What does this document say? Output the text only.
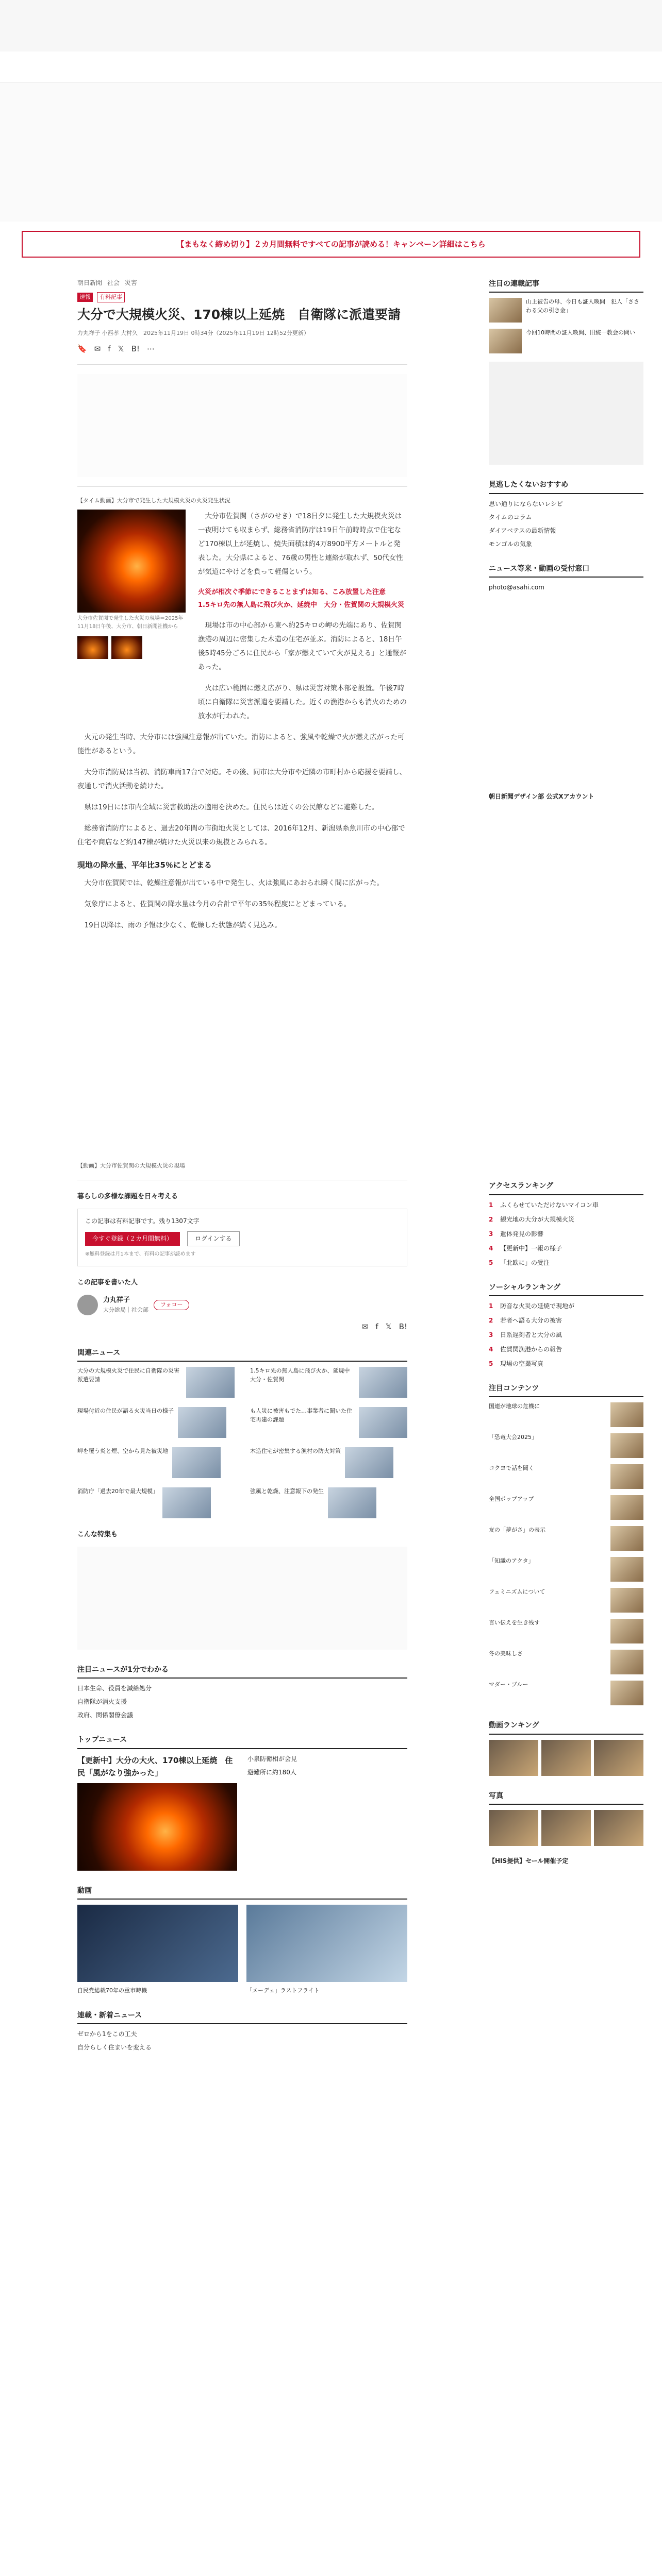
【まもなく締め切り】２カ月間無料ですべての記事が読める！キャンペーン詳細はこちら
朝日新聞 社会 災害
速報 有料記事
大分で大規模火災、170棟以上延焼　自衛隊に派遣要請
力丸祥子 小西孝 大村久　2025年11月19日 0時34分（2025年11月19日 12時52分更新）
🔖 ✉ f 𝕏 B! ⋯
【タイム動画】大分市で発生した大規模火災の火災発生状況
大分市佐賀関で発生した火災の現場＝2025年11月18日午後、大分市、朝日新聞社機から

　大分市佐賀関（さがのせき）で18日夕に発生した大規模火災は一夜明けても収まらず、総務省消防庁は19日午前時時点で住宅など170棟以上が延焼し、焼失面積は約4万8900平方メートルと発表した。大分県によると、76歳の男性と連絡が取れず、50代女性が気道にやけどを負って軽傷という。

火災が相次ぐ季節にできることまずは知る、こみ放置した注意
1.5キロ先の無人島に飛び火か、延焼中　大分・佐賀関の大規模火災

　現場は市の中心部から東へ約25キロの岬の先端にあり、佐賀関漁港の周辺に密集した木造の住宅が並ぶ。消防によると、18日午後5時45分ごろに住民から「家が燃えていて火が見える」と通報があった。

　火は広い範囲に燃え広がり、県は災害対策本部を設置。午後7時頃に自衛隊に災害派遣を要請した。近くの漁港からも消火のための放水が行われた。

　火元の発生当時、大分市には強風注意報が出ていた。消防によると、強風や乾燥で火が燃え広がった可能性があるという。

　大分市消防局は当初、消防車両17台で対応。その後、同市は大分市や近隣の市町村から応援を要請し、夜通しで消火活動を続けた。

　県は19日には市内全域に災害救助法の適用を決めた。住民らは近くの公民館などに避難した。

　総務省消防庁によると、過去20年間の市街地火災としては、2016年12月、新潟県糸魚川市の中心部で住宅や商店など約147棟が焼けた火災以来の規模とみられる。

現地の降水量、平年比35％にとどまる

　大分市佐賀関では、乾燥注意報が出ている中で発生し、火は強風にあおられ瞬く間に広がった。

　気象庁によると、佐賀関の降水量は今月の合計で平年の35％程度にとどまっている。

　19日以降は、雨の予報は少なく、乾燥した状態が続く見込み。

【動画】大分市佐賀関の大規模火災の現場
暮らしの多様な課題を日々考える
この記事は有料記事です。残り1307文字
今すぐ登録（２カ月間無料）	ログインする
※無料登録は月1本まで、有料の記事が読めます
この記事を書いた人
力丸祥子
大分総局｜社会部
フォロー
✉ f 𝕏 B!
関連ニュース
大分の大規模火災で住民に自衛隊の災害派遣要請
1.5キロ先の無人島に飛び火か、延焼中　大分・佐賀関
現場付近の住民が語る火災当日の様子	も人災に被害もでた…事業者に聞いた住宅再建の課題
岬を覆う炎と煙、空から見た被災地	木造住宅が密集する漁村の防火対策
消防庁「過去20年で最大規模」	強風と乾燥、注意報下の発生
こんな特集も
注目ニュースが1分でわかる
日本生命、役員を減給処分
自衛隊が消火支援
政府、関係閣僚会議
トップニュース
【更新中】大分の大火、170棟以上延焼　住民「風がなり強かった」
小泉防衛相が会見
避難所に約180人
動画
自民党総裁70年の重市時機	「メーデェ」ラストフライト
連載・新着ニュース
ゼロから1をこの工夫
自分らしく住まいを変える
注目の連載記事
山上被告の母、今日も証人喚問　犯人「ささわる父の引き金」
今回10時間の証人喚問、旧統一教会の問い
見逃したくないおすすめ
思い通りにならないレシピ
タイムのコラム
ダイアベテスの最新情報
モンゴルの気象
ニュース等来・動画の受付窓口
photo@asahi.com
朝日新聞デザイン部 公式Xアカウント
アクセスランキング
1	ふくらせていただけないマイコン車
2	観光地の大分が大規模火災
3	遺体発見の影響
4	【更新中】一報の様子
5	「北欧に」の受注
ソーシャルランキング
1	防音な火災の延焼で現地が
2	若者へ語る大分の被害
3	日系遅刻者と大分の風
4	佐賀関漁港からの報告
5	現場の空撮写真
注目コンテンツ
国連が地球の危機に
「恐竜大会2025」
コクヨで話を聞く
全国ポップアップ
友の「夢がさ」の表示
「知識のアクタ」
フェミニズムについて
言い伝えを生き残す
冬の美味しさ
マダー・ブルー
動画ランキング
写真
【HIS提供】セール開催予定
